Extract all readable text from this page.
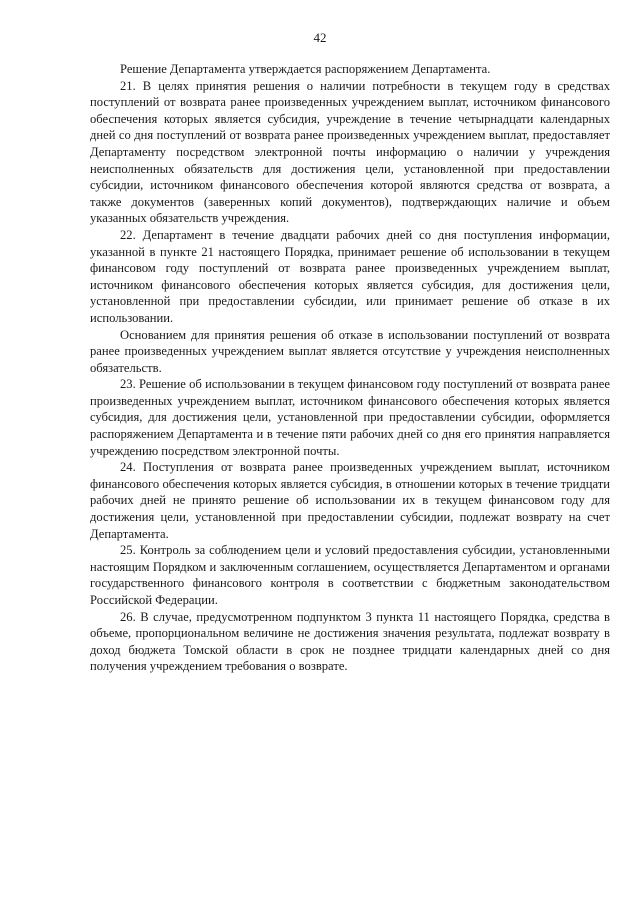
42

Решение Департамента утверждается распоряжением Департамента.

21. В целях принятия решения о наличии потребности в текущем году в средствах поступлений от возврата ранее произведенных учреждением выплат, источником финансового обеспечения которых является субсидия, учреждение в течение четырнадцати календарных дней со дня поступлений от возврата ранее произведенных учреждением выплат, предоставляет Департаменту посредством электронной почты информацию о наличии у учреждения неисполненных обязательств для достижения цели, установленной при предоставлении субсидии, источником финансового обеспечения которой являются средства от возврата, а также документов (заверенных копий документов), подтверждающих наличие и объем указанных обязательств учреждения.

22. Департамент в течение двадцати рабочих дней со дня поступления информации, указанной в пункте 21 настоящего Порядка, принимает решение об использовании в текущем финансовом году поступлений от возврата ранее произведенных учреждением выплат, источником финансового обеспечения которых является субсидия, для достижения цели, установленной при предоставлении субсидии, или принимает решение об отказе в их использовании.

Основанием для принятия решения об отказе в использовании поступлений от возврата ранее произведенных учреждением выплат является отсутствие у учреждения неисполненных обязательств.

23. Решение об использовании в текущем финансовом году поступлений от возврата ранее произведенных учреждением выплат, источником финансового обеспечения которых является субсидия, для достижения цели, установленной при предоставлении субсидии, оформляется распоряжением Департамента и в течение пяти рабочих дней со дня его принятия направляется учреждению посредством электронной почты.

24. Поступления от возврата ранее произведенных учреждением выплат, источником финансового обеспечения которых является субсидия, в отношении которых в течение тридцати рабочих дней не принято решение об использовании их в текущем финансовом году для достижения цели, установленной при предоставлении субсидии, подлежат возврату на счет Департамента.

25. Контроль за соблюдением цели и условий предоставления субсидии, установленными настоящим Порядком и заключенным соглашением, осуществляется Департаментом и органами государственного финансового контроля в соответствии с бюджетным законодательством Российской Федерации.

26. В случае, предусмотренном подпунктом 3 пункта 11 настоящего Порядка, средства в объеме, пропорциональном величине не достижения значения результата, подлежат возврату в доход бюджета Томской области в срок не позднее тридцати календарных дней со дня получения учреждением требования о возврате.
